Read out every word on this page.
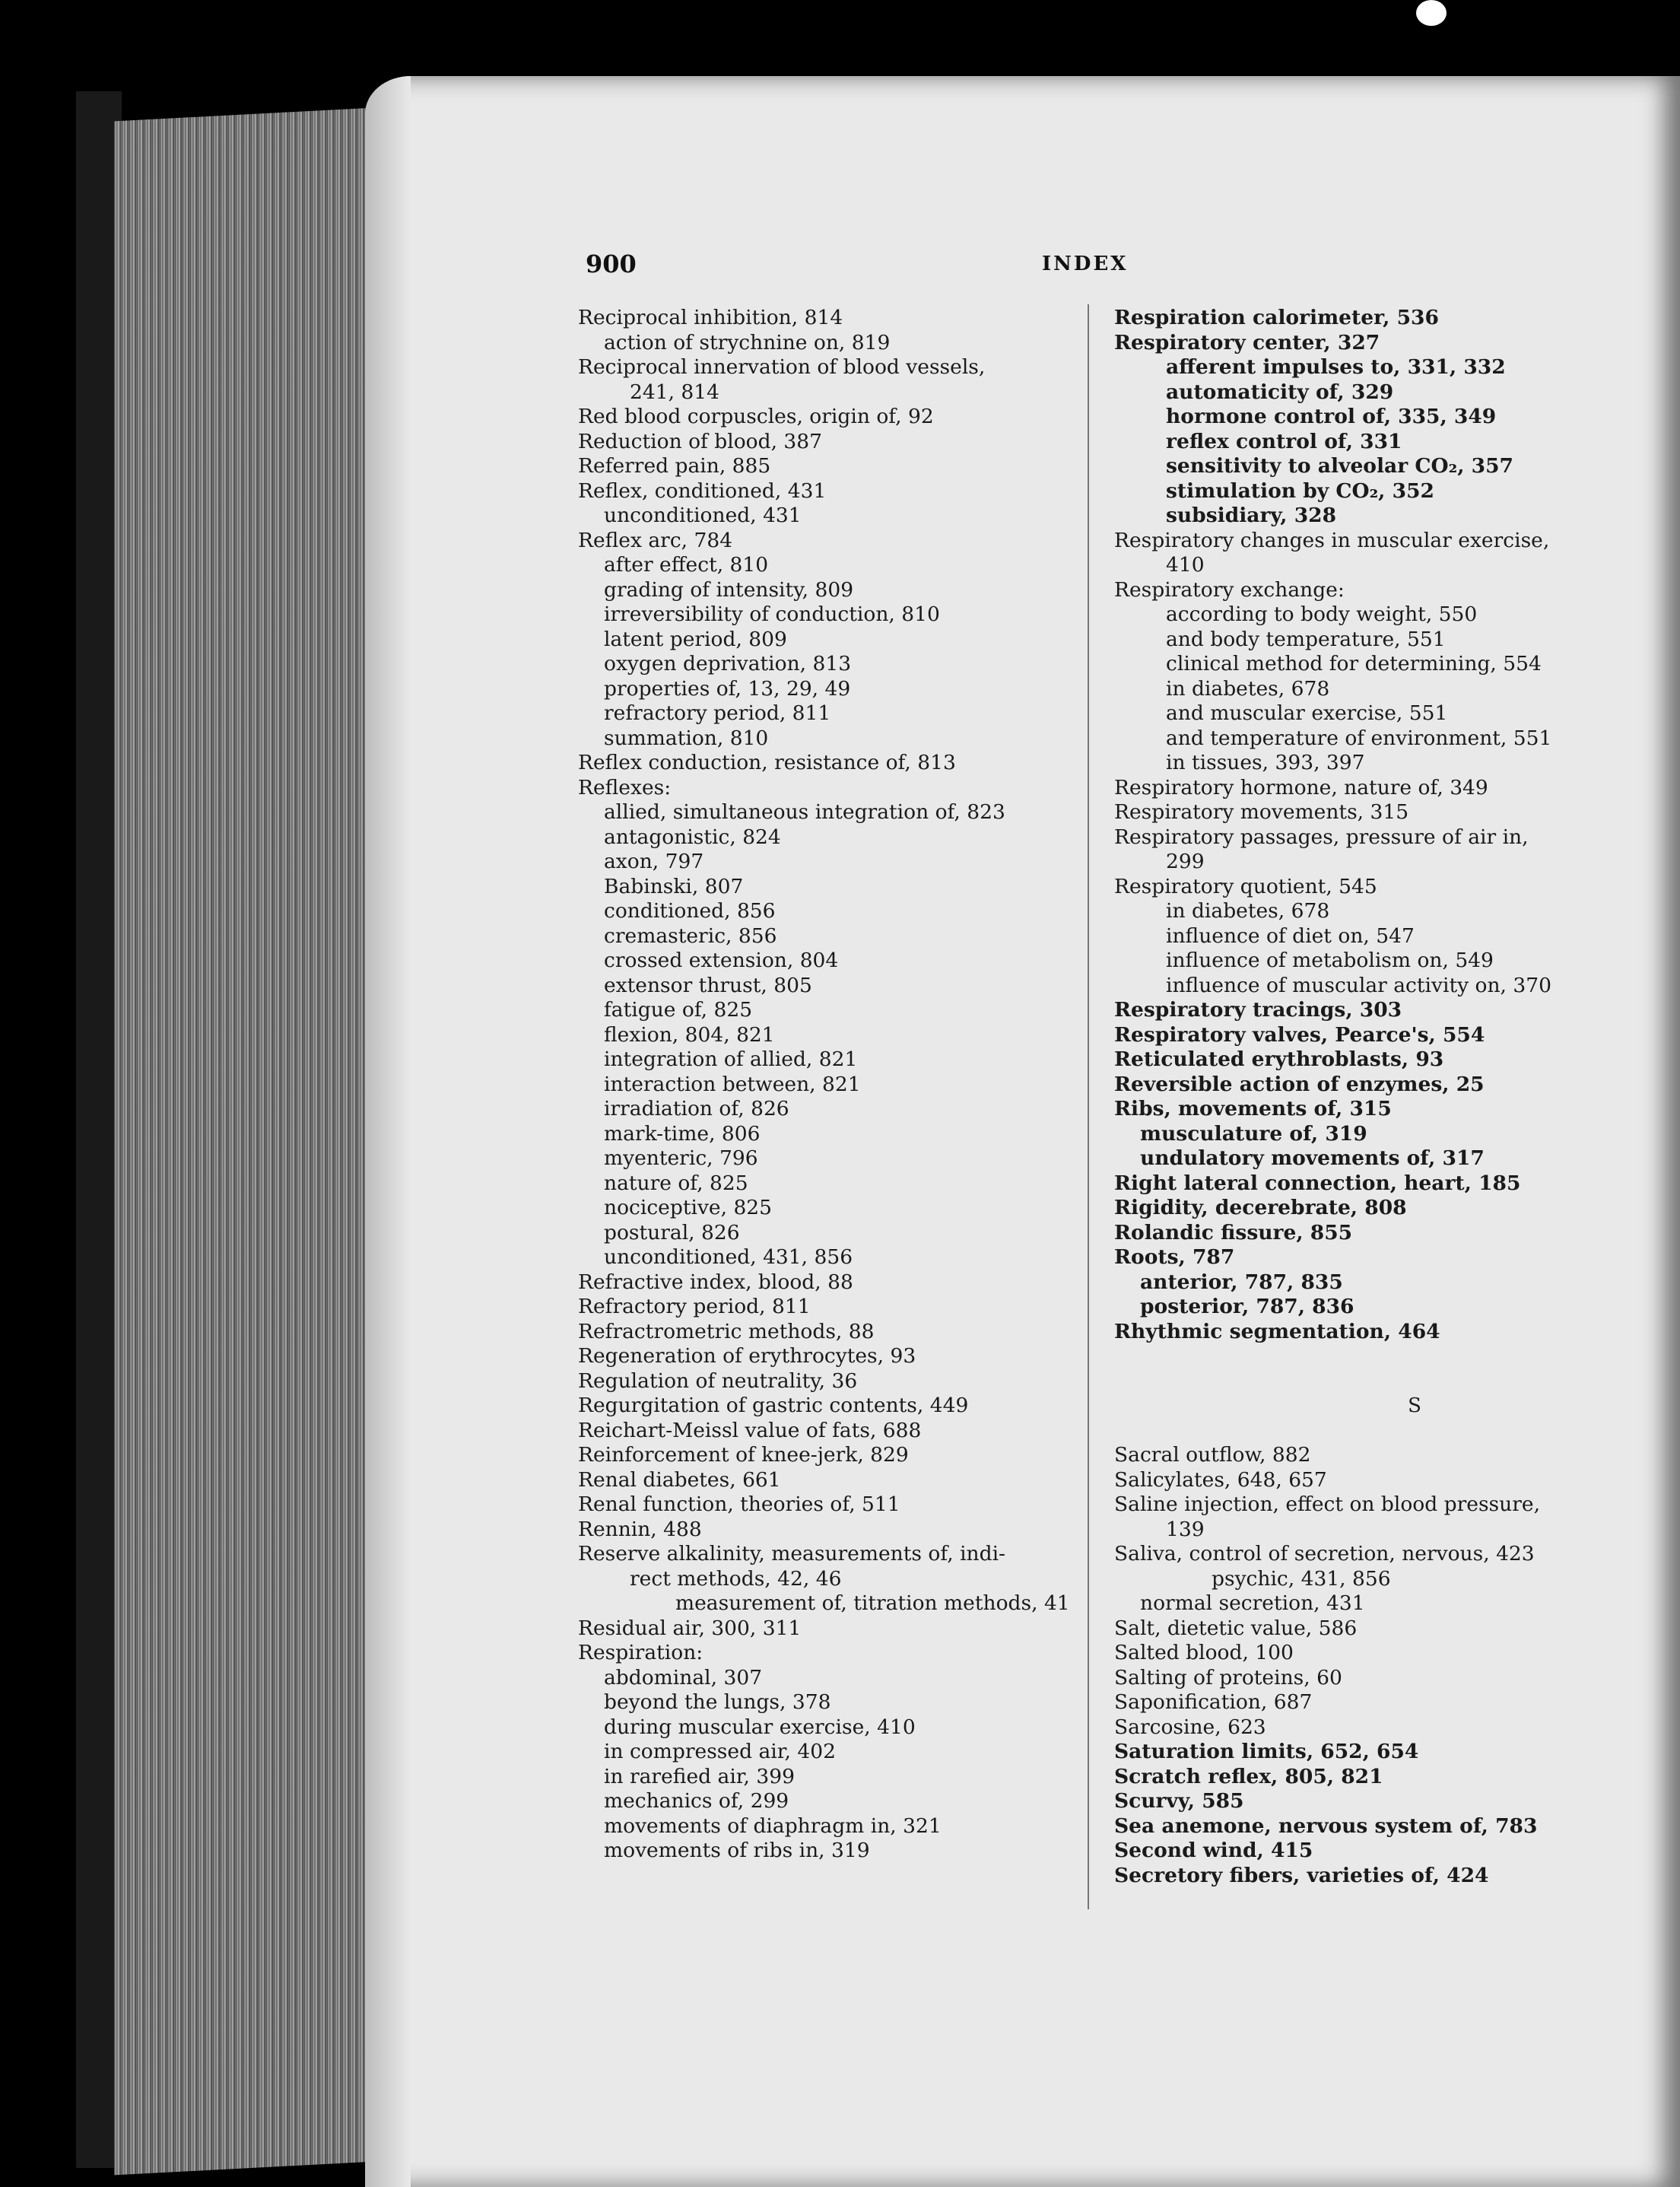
900	INDEX
Reciprocal inhibition, 814
action of strychnine on, 819
Reciprocal innervation of blood vessels,
241, 814
Red blood corpuscles, origin of, 92
Reduction of blood, 387
Referred pain, 885
Reflex, conditioned, 431
unconditioned, 431
Reflex arc, 784
after effect, 810
grading of intensity, 809
irreversibility of conduction, 810
latent period, 809
oxygen deprivation, 813
properties of, 13, 29, 49
refractory period, 811
summation, 810
Reflex conduction, resistance of, 813
Reflexes:
allied, simultaneous integration of, 823
antagonistic, 824
axon, 797
Babinski, 807
conditioned, 856
cremasteric, 856
crossed extension, 804
extensor thrust, 805
fatigue of, 825
flexion, 804, 821
integration of allied, 821
interaction between, 821
irradiation of, 826
mark-time, 806
myenteric, 796
nature of, 825
nociceptive, 825
postural, 826
unconditioned, 431, 856
Refractive index, blood, 88
Refractory period, 811
Refractrometric methods, 88
Regeneration of erythrocytes, 93
Regulation of neutrality, 36
Regurgitation of gastric contents, 449
Reichart-Meissl value of fats, 688
Reinforcement of knee-jerk, 829
Renal diabetes, 661
Renal function, theories of, 511
Rennin, 488
Reserve alkalinity, measurements of, indi-
rect methods, 42, 46
measurement of, titration methods, 41
Residual air, 300, 311
Respiration:
abdominal, 307
beyond the lungs, 378
during muscular exercise, 410
in compressed air, 402
in rarefied air, 399
mechanics of, 299
movements of diaphragm in, 321
movements of ribs in, 319
Respiration calorimeter, 536
Respiratory center, 327
afferent impulses to, 331, 332
automaticity of, 329
hormone control of, 335, 349
reflex control of, 331
sensitivity to alveolar CO₂, 357
stimulation by CO₂, 352
subsidiary, 328
Respiratory changes in muscular exercise,
410
Respiratory exchange:
according to body weight, 550
and body temperature, 551
clinical method for determining, 554
in diabetes, 678
and muscular exercise, 551
and temperature of environment, 551
in tissues, 393, 397
Respiratory hormone, nature of, 349
Respiratory movements, 315
Respiratory passages, pressure of air in,
299
Respiratory quotient, 545
in diabetes, 678
influence of diet on, 547
influence of metabolism on, 549
influence of muscular activity on, 370
Respiratory tracings, 303
Respiratory valves, Pearce's, 554
Reticulated erythroblasts, 93
Reversible action of enzymes, 25
Ribs, movements of, 315
musculature of, 319
undulatory movements of, 317
Right lateral connection, heart, 185
Rigidity, decerebrate, 808
Rolandic fissure, 855
Roots, 787
anterior, 787, 835
posterior, 787, 836
Rhythmic segmentation, 464
S
Sacral outflow, 882
Salicylates, 648, 657
Saline injection, effect on blood pressure,
139
Saliva, control of secretion, nervous, 423
psychic, 431, 856
normal secretion, 431
Salt, dietetic value, 586
Salted blood, 100
Salting of proteins, 60
Saponification, 687
Sarcosine, 623
Saturation limits, 652, 654
Scratch reflex, 805, 821
Scurvy, 585
Sea anemone, nervous system of, 783
Second wind, 415
Secretory fibers, varieties of, 424
